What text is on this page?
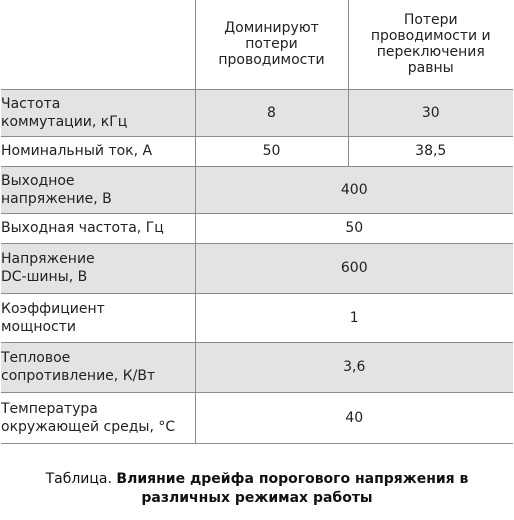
	Доминируют потери проводимости	Потери проводимости и переключения равны
Частота коммутации, кГц	8	30
Номинальный ток, А	50	38,5
Выходное напряжение, В	400	
Выходная частота, Гц	50	
Напряжение DC-шины, В	600	
Коэффициент мощности	1	
Тепловое сопротивление, К/Вт	3,6	
Температура окружающей среды, °С	40	
Таблица. Влияние дрейфа порогового напряжения в различных режимах работы
